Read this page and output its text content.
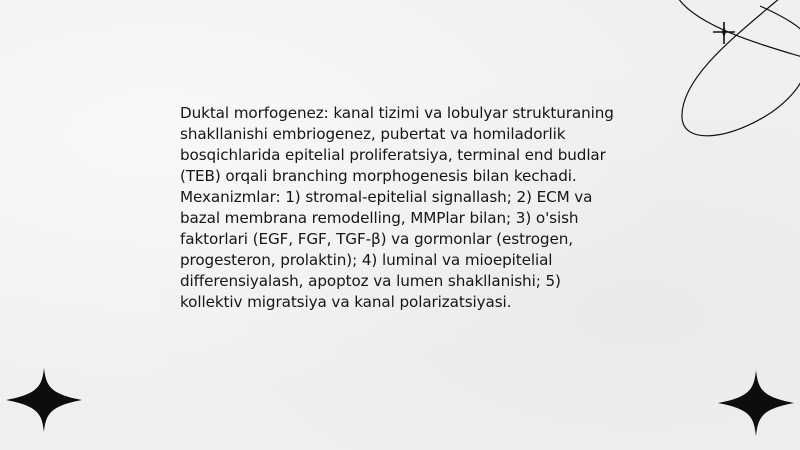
Duktal morfogenez: kanal tizimi va lobulyar strukturaning shakllanishi embriogenez, pubertat va homiladorlik bosqichlarida epitelial proliferatsiya, terminal end budlar (TEB) orqali branching morphogenesis bilan kechadi. Mexanizmlar: 1) stromal-epitelial signallash; 2) ECM va bazal membrana remodelling, MMPlar bilan; 3) o'sish faktorlari (EGF, FGF, TGF-β) va gormonlar (estrogen, progesteron, prolaktin); 4) luminal va mioepitelial differensiyalash, apoptoz va lumen shakllanishi; 5) kollektiv migratsiya va kanal polarizatsiyasi.
